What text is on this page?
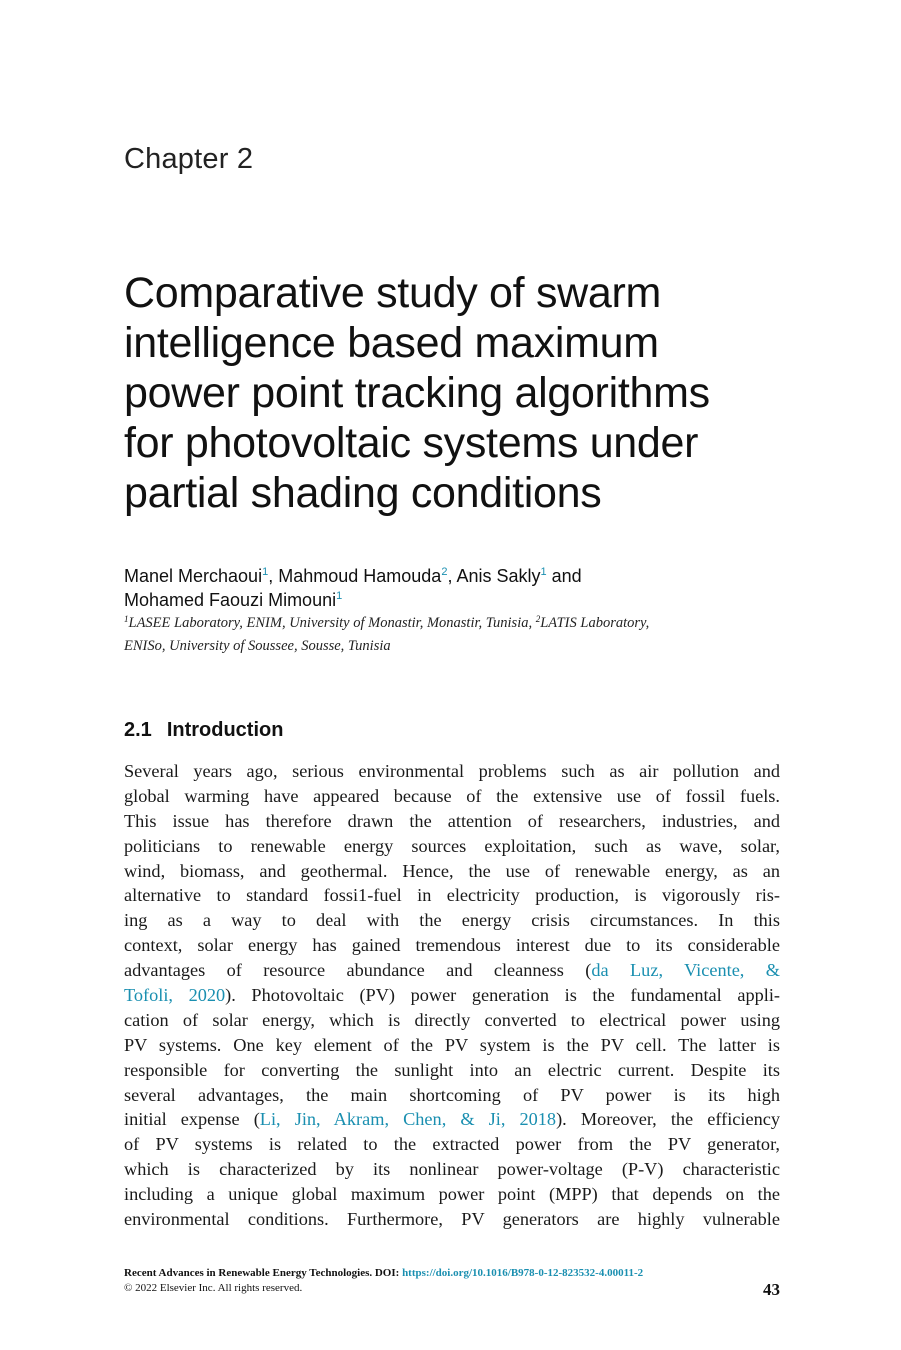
Chapter 2
Comparative study of swarm
intelligence based maximum
power point tracking algorithms
for photovoltaic systems under
partial shading conditions
Manel Merchaoui$^1$, Mahmoud Hamouda$^2$, Anis Sakly$^1$ and
Mohamed Faouzi Mimouni$^1$
$^1$LASEE Laboratory, ENIM, University of Monastir, Monastir, Tunisia, $^2$LATIS Laboratory,
ENISo, University of Soussee, Sousse, Tunisia
2.1 Introduction
Several years ago, serious environmental problems such as air pollution and
global warming have appeared because of the extensive use of fossil fuels.
This issue has therefore drawn the attention of researchers, industries, and
politicians to renewable energy sources exploitation, such as wave, solar,
wind, biomass, and geothermal. Hence, the use of renewable energy, as an
alternative to standard fossi1-fuel in electricity production, is vigorously ris-
ing as a way to deal with the energy crisis circumstances. In this
context, solar energy has gained tremendous interest due to its considerable
advantages of resource abundance and cleanness (da Luz, Vicente, &
Tofoli, 2020). Photovoltaic (PV) power generation is the fundamental appli-
cation of solar energy, which is directly converted to electrical power using
PV systems. One key element of the PV system is the PV cell. The latter is
responsible for converting the sunlight into an electric current. Despite its
several advantages, the main shortcoming of PV power is its high
initial expense (Li, Jin, Akram, Chen, & Ji, 2018). Moreover, the efficiency
of PV systems is related to the extracted power from the PV generator,
which is characterized by its nonlinear power-voltage (P-V) characteristic
including a unique global maximum power point (MPP) that depends on the
environmental conditions. Furthermore, PV generators are highly vulnerable
Recent Advances in Renewable Energy Technologies. DOI: https://doi.org/10.1016/B978-0-12-823532-4.00011-2
© 2022 Elsevier Inc. All rights reserved.	43
